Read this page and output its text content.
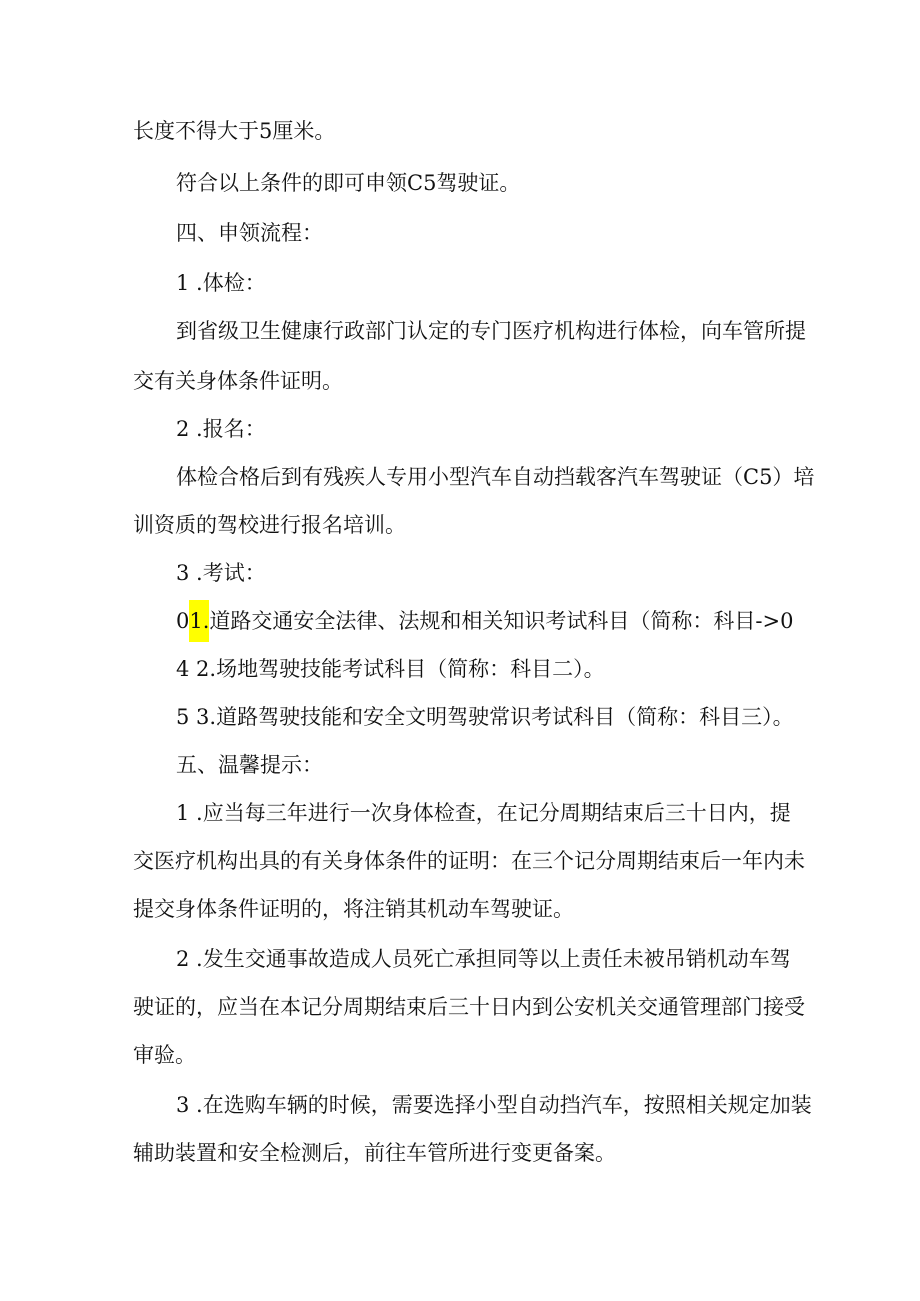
长度不得大于5厘米。
符合以上条件的即可申领C5驾驶证。
四、申领流程：
1 .体检：
到省级卫生健康行政部门认定的专门医疗机构进行体检，向车管所提
交有关身体条件证明。
2 .报名：
体检合格后到有残疾人专用小型汽车自动挡载客汽车驾驶证（C5）培
训资质的驾校进行报名培训。
3 .考试：
01.道路交通安全法律、法规和相关知识考试科目（简称：科目->0
4 2.场地驾驶技能考试科目（简称：科目二）。
5 3.道路驾驶技能和安全文明驾驶常识考试科目（简称：科目三）。
五、温馨提示：
1 .应当每三年进行一次身体检查，在记分周期结束后三十日内，提
交医疗机构出具的有关身体条件的证明：在三个记分周期结束后一年内未
提交身体条件证明的，将注销其机动车驾驶证。
2 .发生交通事故造成人员死亡承担同等以上责任未被吊销机动车驾
驶证的，应当在本记分周期结束后三十日内到公安机关交通管理部门接受
审验。
3 .在选购车辆的时候，需要选择小型自动挡汽车，按照相关规定加装
辅助装置和安全检测后，前往车管所进行变更备案。
